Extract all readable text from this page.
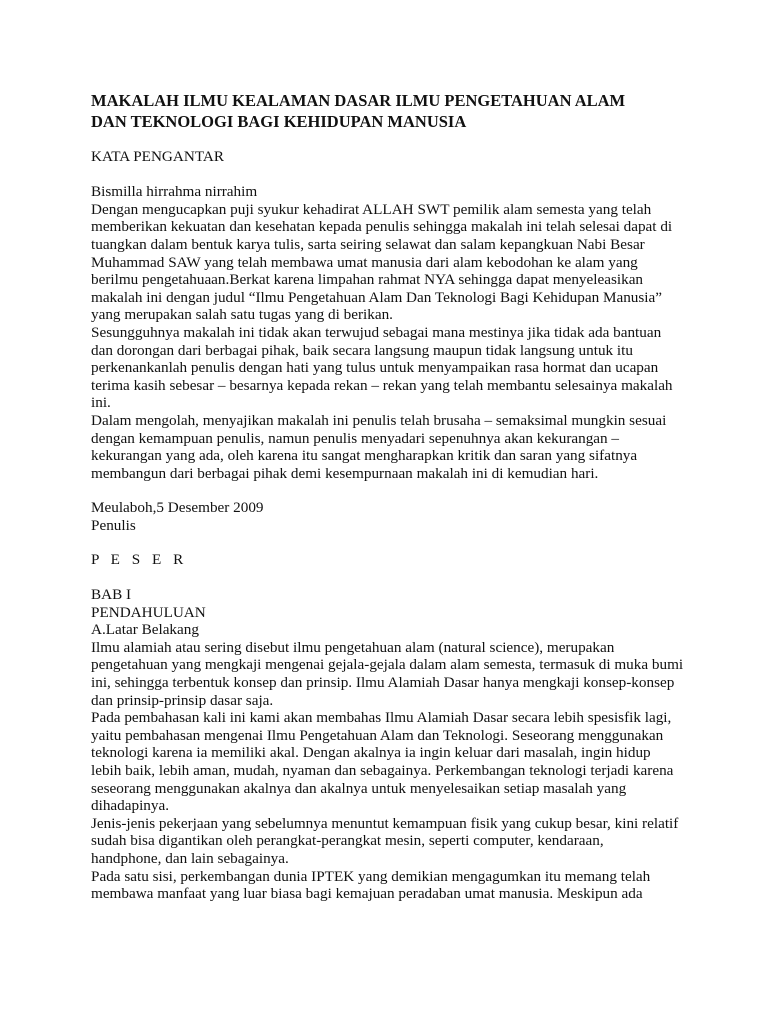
MAKALAH ILMU KEALAMAN DASAR ILMU PENGETAHUAN ALAM
DAN TEKNOLOGI BAGI KEHIDUPAN MANUSIA
KATA PENGANTAR
Bismilla hirrahma nirrahim
Dengan mengucapkan puji syukur kehadirat ALLAH SWT pemilik alam semesta yang telah
memberikan kekuatan dan kesehatan kepada penulis sehingga makalah ini telah selesai dapat di
tuangkan dalam bentuk karya tulis, sarta seiring selawat dan salam kepangkuan Nabi Besar
Muhammad SAW yang telah membawa umat manusia dari alam kebodohan ke alam yang
berilmu pengetahuaan.Berkat karena limpahan rahmat NYA sehingga dapat menyeleasikan
makalah ini dengan judul “Ilmu Pengetahuan Alam Dan Teknologi Bagi Kehidupan Manusia”
yang merupakan salah satu tugas yang di berikan.
Sesungguhnya makalah ini tidak akan terwujud sebagai mana mestinya jika tidak ada bantuan
dan dorongan dari berbagai pihak, baik secara langsung maupun tidak langsung untuk itu
perkenankanlah penulis dengan hati yang tulus untuk menyampaikan rasa hormat dan ucapan
terima kasih sebesar – besarnya kepada rekan – rekan yang telah membantu selesainya makalah
ini.
Dalam mengolah, menyajikan makalah ini penulis telah brusaha – semaksimal mungkin sesuai
dengan kemampuan penulis, namun penulis menyadari sepenuhnya akan kekurangan –
kekurangan yang ada, oleh karena itu sangat mengharapkan kritik dan saran yang sifatnya
membangun dari berbagai pihak demi kesempurnaan makalah ini di kemudian hari.
Meulaboh,5 Desember 2009
Penulis
P E S E R
BAB I
PENDAHULUAN
A.Latar Belakang
Ilmu alamiah atau sering disebut ilmu pengetahuan alam (natural science), merupakan
pengetahuan yang mengkaji mengenai gejala-gejala dalam alam semesta, termasuk di muka bumi
ini, sehingga terbentuk konsep dan prinsip. Ilmu Alamiah Dasar hanya mengkaji konsep-konsep
dan prinsip-prinsip dasar saja.
Pada pembahasan kali ini kami akan membahas Ilmu Alamiah Dasar secara lebih spesisfik lagi,
yaitu pembahasan mengenai Ilmu Pengetahuan Alam dan Teknologi. Seseorang menggunakan
teknologi karena ia memiliki akal. Dengan akalnya ia ingin keluar dari masalah, ingin hidup
lebih baik, lebih aman, mudah, nyaman dan sebagainya. Perkembangan teknologi terjadi karena
seseorang menggunakan akalnya dan akalnya untuk menyelesaikan setiap masalah yang
dihadapinya.
Jenis-jenis pekerjaan yang sebelumnya menuntut kemampuan fisik yang cukup besar, kini relatif
sudah bisa digantikan oleh perangkat-perangkat mesin, seperti computer, kendaraan,
handphone, dan lain sebagainya.
Pada satu sisi, perkembangan dunia IPTEK yang demikian mengagumkan itu memang telah
membawa manfaat yang luar biasa bagi kemajuan peradaban umat manusia. Meskipun ada
